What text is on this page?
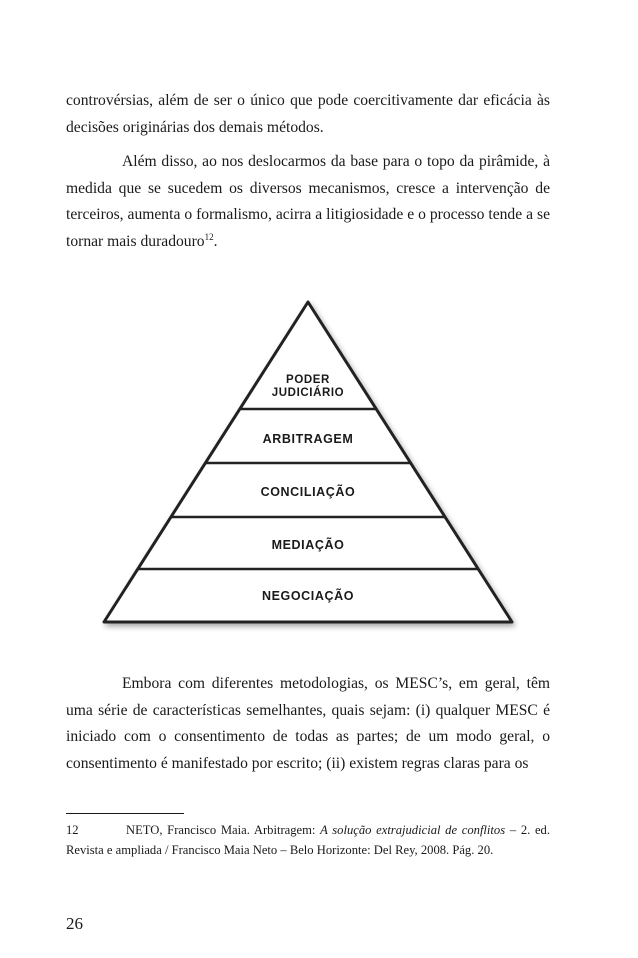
controvérsias, além de ser o único que pode coercitivamente dar eficácia às decisões originárias dos demais métodos.

Além disso, ao nos deslocarmos da base para o topo da pirâmide, à medida que se sucedem os diversos mecanismos, cresce a intervenção de terceiros, aumenta o formalismo, acirra a litigiosidade e o processo tende a se tornar mais duradouro$^{12}$.

PODER
JUDICIÁRIO
ARBITRAGEM
CONCILIAÇÃO
MEDIAÇÃO
NEGOCIAÇÃO

Embora com diferentes metodologias, os MESC’s, em geral, têm uma série de características semelhantes, quais sejam: (i) qualquer MESC é iniciado com o consentimento de todas as partes; de um modo geral, o consentimento é manifestado por escrito; (ii) existem regras claras para os

12	NETO, Francisco Maia. Arbitragem: A solução extrajudicial de conflitos – 2. ed. Revista e ampliada / Francisco Maia Neto – Belo Horizonte: Del Rey, 2008. Pág. 20.

26
